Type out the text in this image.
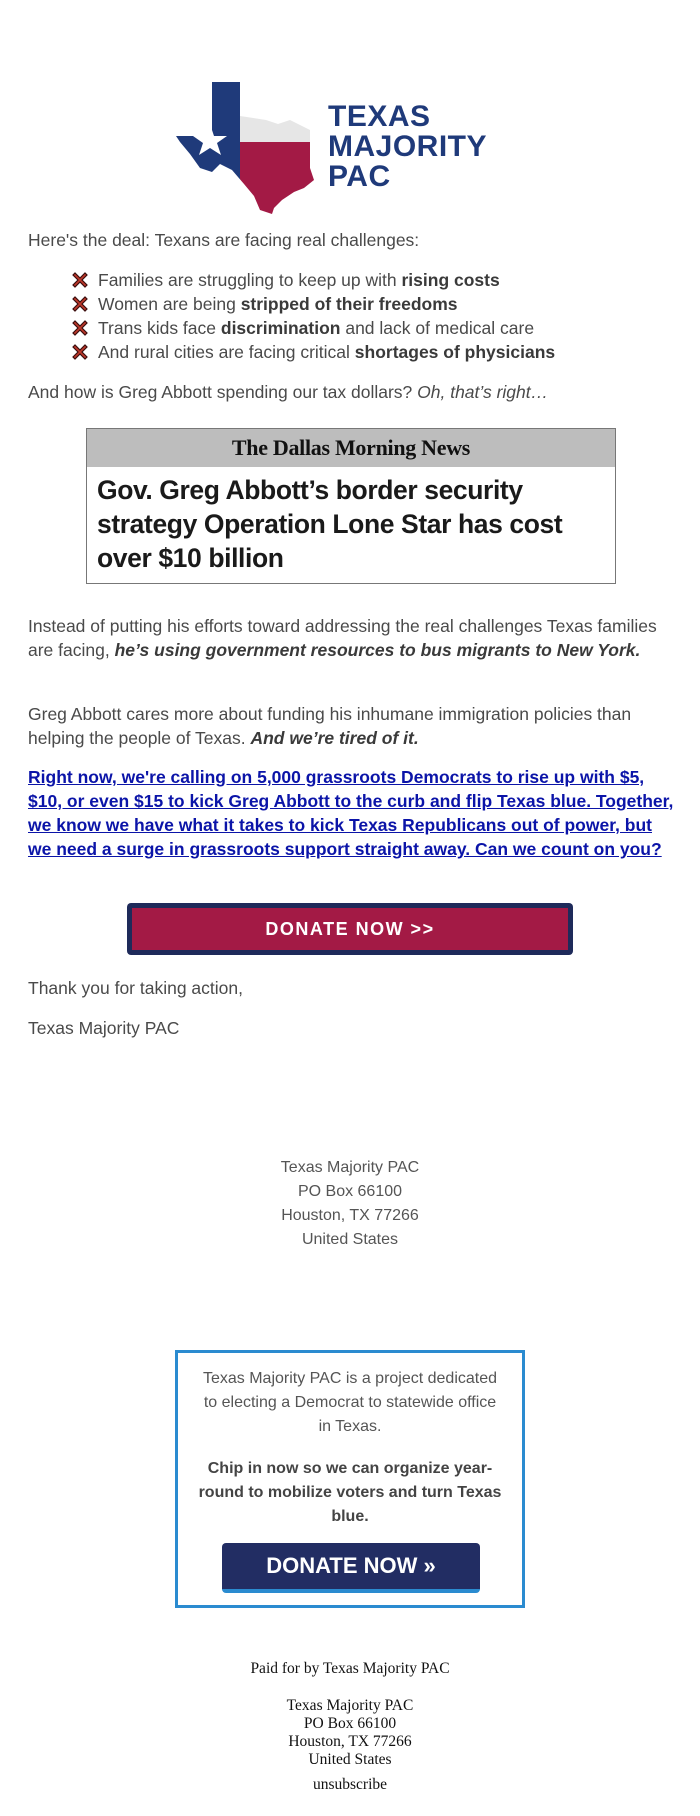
TEXAS
MAJORITY
PAC
Here's the deal: Texans are facing real challenges:
Families are struggling to keep up with rising costs
Women are being stripped of their freedoms
Trans kids face discrimination and lack of medical care
And rural cities are facing critical shortages of physicians
And how is Greg Abbott spending our tax dollars? Oh, that’s right…
The Dallas Morning News
Gov. Greg Abbott’s border security strategy Operation Lone Star has cost over $10 billion
Instead of putting his efforts toward addressing the real challenges Texas families are facing, he’s using government resources to bus migrants to New York.
Greg Abbott cares more about funding his inhumane immigration policies than helping the people of Texas. And we’re tired of it.
Right now, we're calling on 5,000 grassroots Democrats to rise up with $5, $10, or even $15 to kick Greg Abbott to the curb and flip Texas blue. Together, we know we have what it takes to kick Texas Republicans out of power, but we need a surge in grassroots support straight away. Can we count on you?
DONATE NOW >>
Thank you for taking action,
Texas Majority PAC
Texas Majority PAC
PO Box 66100
Houston, TX 77266
United States
Texas Majority PAC is a project dedicated to electing a Democrat to statewide office in Texas.
Chip in now so we can organize year-round to mobilize voters and turn Texas blue.
DONATE NOW »
Paid for by Texas Majority PAC
Texas Majority PAC
PO Box 66100
Houston, TX 77266
United States
unsubscribe
